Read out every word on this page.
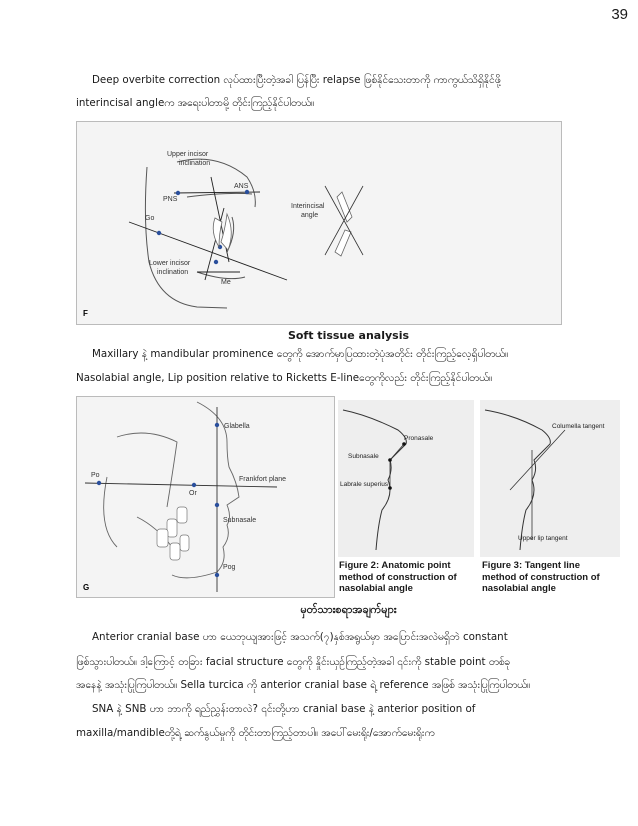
39
Deep overbite correction လုပ်ထားပြီးတဲ့အခါ ပြန်ပြီး relapse ဖြစ်နိုင်သေးတာကို ကာကွယ်သိရှိနိုင်ဖို့
interincisal angleက အရေးပါတာမို့ တိုင်းကြည့်နိုင်ပါတယ်။
Upper incisor
inclination
ANS
PNS
Go
Me
Lower incisor
inclination
Interincisal
angle
F
Soft tissue analysis
Maxillary နဲ့ mandibular prominence တွေကို အောက်မှာပြထားတဲ့ပုံအတိုင်း တိုင်းကြည့်လေ့ရှိပါတယ်။
Nasolabial angle, Lip position relative to Ricketts E-lineတွေကိုလည်း တိုင်းကြည့်နိုင်ပါတယ်။
Glabella
Frankfort plane
Po
Or
Subnasale
Pog
G
Pronasale
Subnasale
Labrale superius
Figure 2: Anatomic point
method of construction of
nasolabial angle
Columella tangent
Upper lip tangent
Figure 3: Tangent line
method of construction of
nasolabial angle
မှတ်သားစရာအချက်များ
Anterior cranial base ဟာ ယေဘုယျအားဖြင့် အသက်(၇)နှစ်အရွယ်မှာ အပြောင်းအလဲမရှိဘဲ constant
ဖြစ်သွားပါတယ်။ ဒါ့ကြောင့် တခြား facial structure တွေကို နှိုင်းယှဉ်ကြည့်တဲ့အခါ ၎င်းကို stable point တစ်ခု
အနေနဲ့ အသုံးပြုကြပါတယ်။ Sella turcica ကို anterior cranial base ရဲ့ reference အဖြစ် အသုံးပြုကြပါတယ်။
SNA နဲ့ SNB ဟာ ဘာကို ရည်ညွှန်းတာလဲ? ၎င်းတို့ဟာ cranial base နဲ့ anterior position of
maxilla/mandibleတို့ရဲ့ ဆက်နွယ်မှုကို တိုင်းတာကြည့်တာပါ။ အပေါ်မေးရိုး/အောက်မေးရိုးက
